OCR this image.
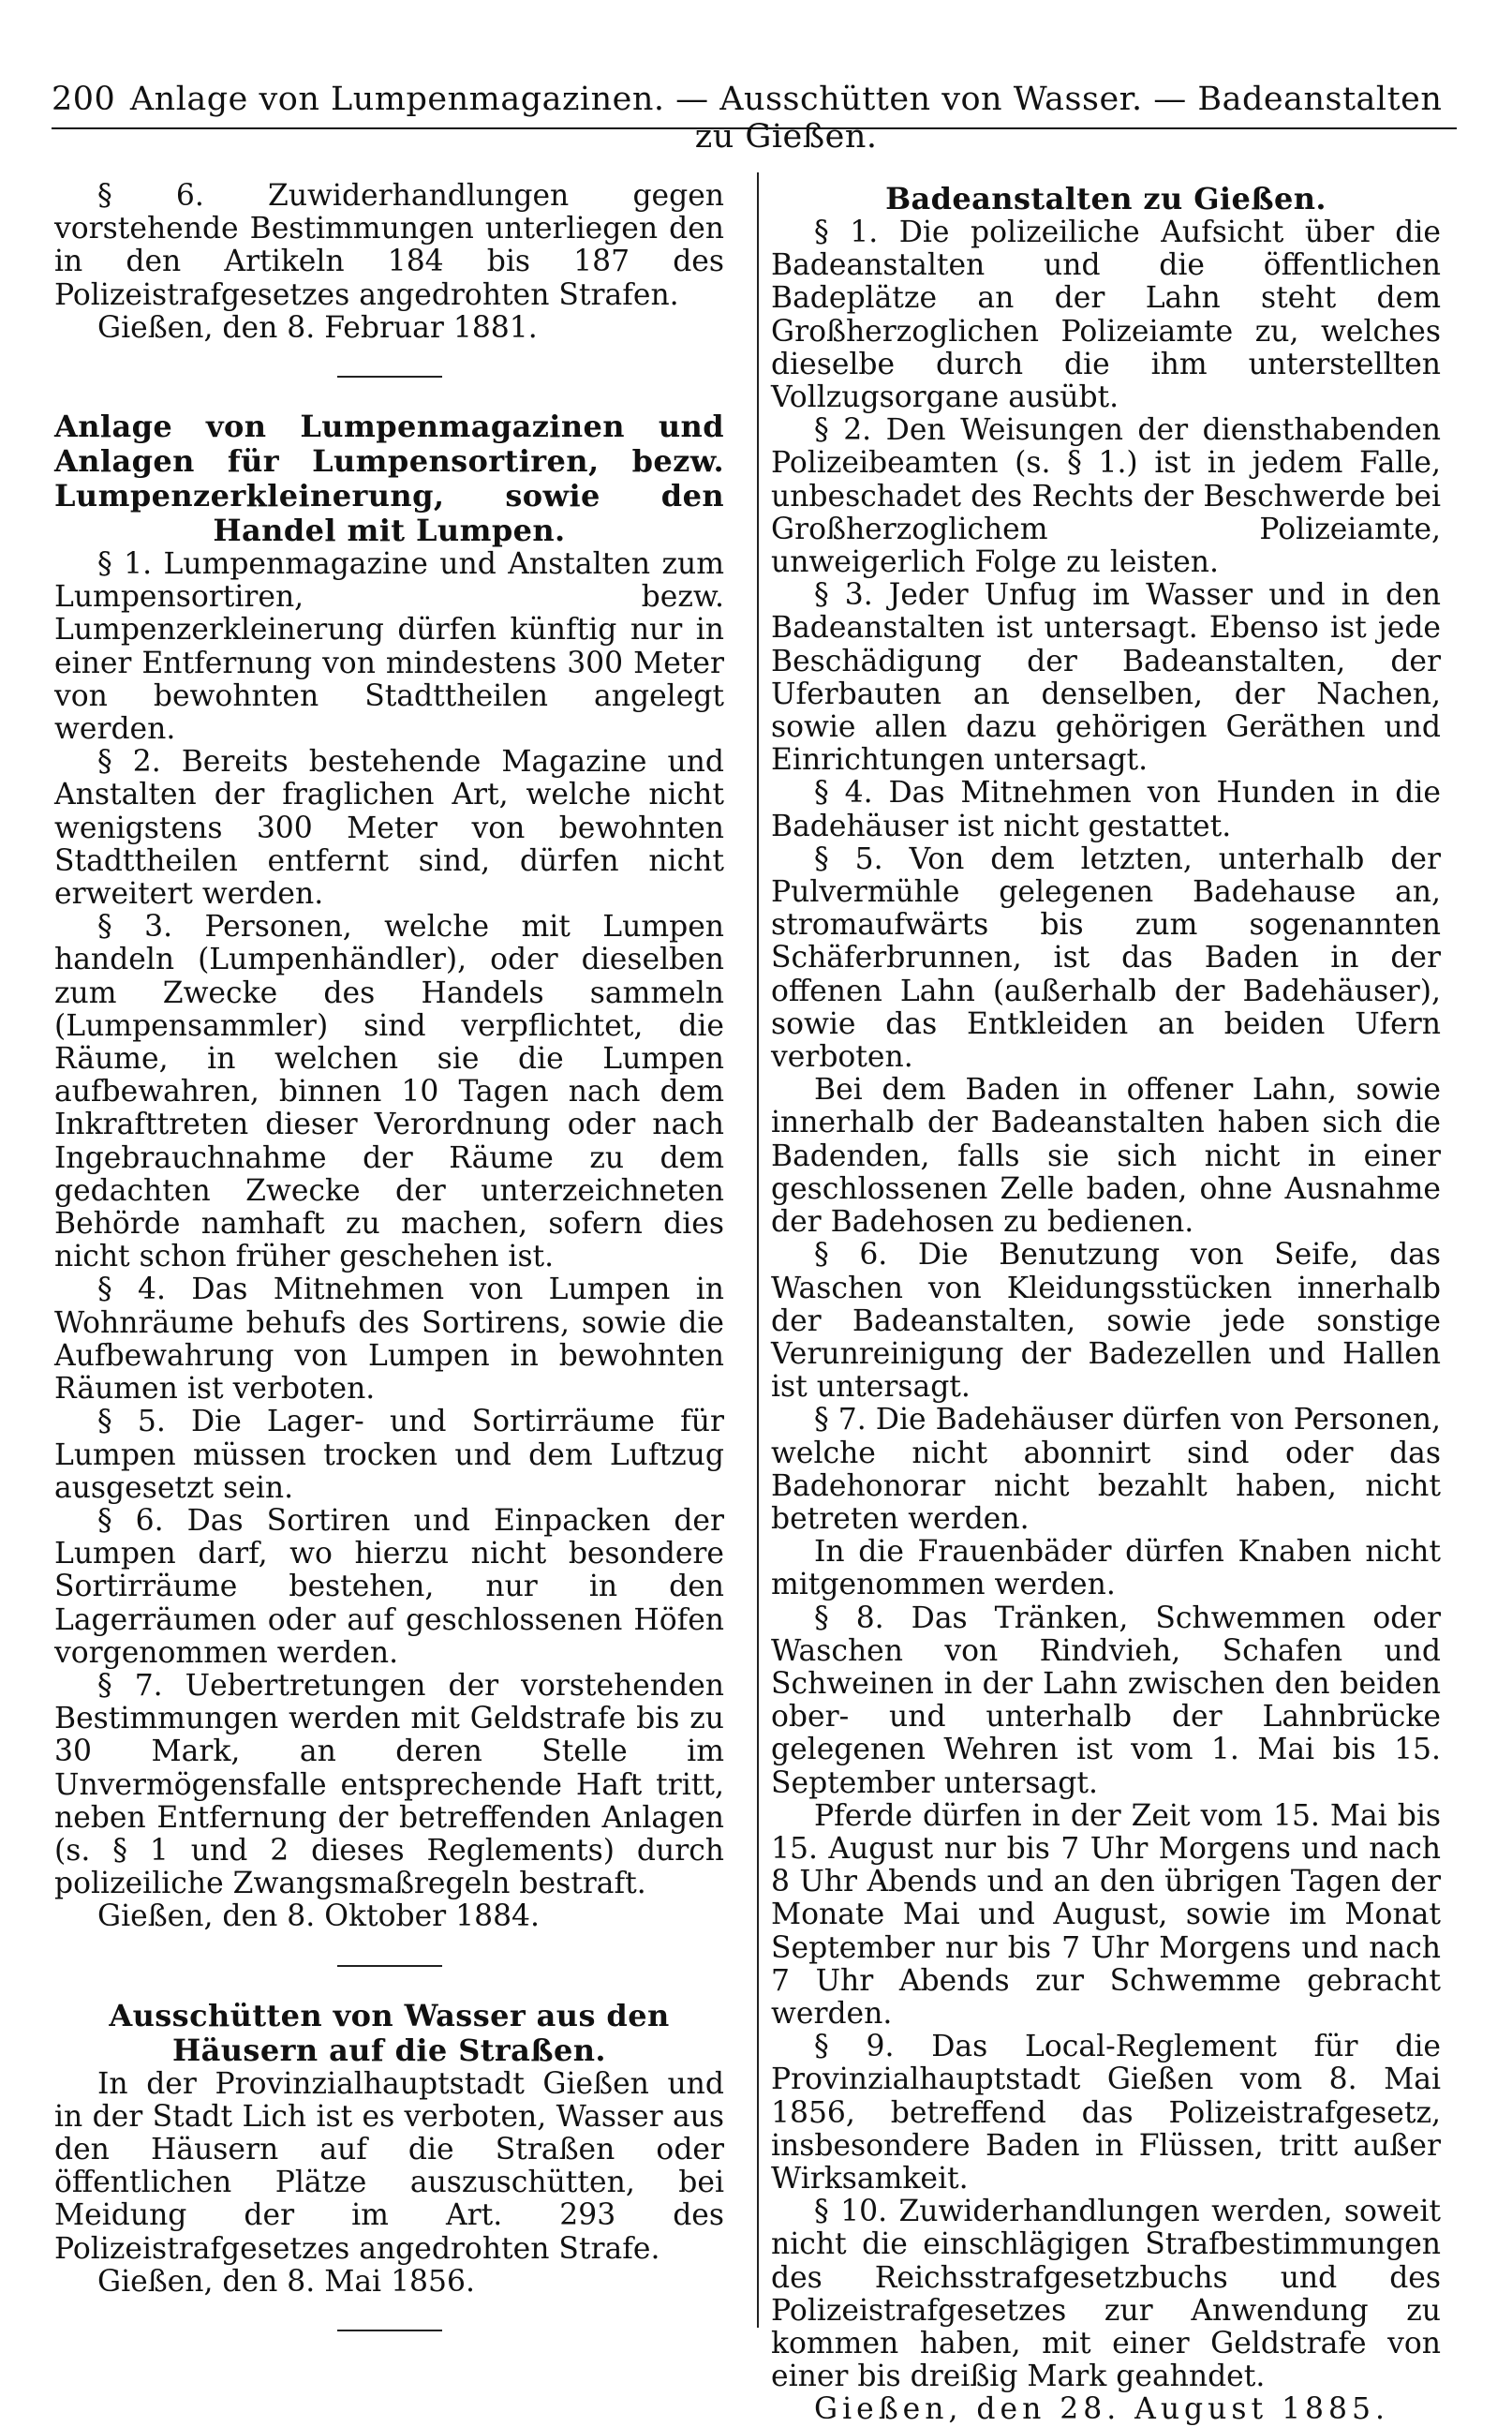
200 Anlage von Lumpenmagazinen. — Ausschütten von Wasser. — Badeanstalten zu Gießen.

§ 6. Zuwiderhandlungen gegen vorstehende Bestimmungen unterliegen den in den Artikeln 184 bis 187 des Polizeistrafgesetzes angedrohten Strafen.

Gießen, den 8. Februar 1881.

Anlage von Lumpenmagazinen und Anlagen für Lumpensortiren, bezw. Lumpenzerkleinerung, sowie den Handel mit Lumpen.

§ 1. Lumpenmagazine und Anstalten zum Lumpensortiren, bezw. Lumpenzerkleinerung dürfen künftig nur in einer Entfernung von mindestens 300 Meter von bewohnten Stadttheilen angelegt werden.

§ 2. Bereits bestehende Magazine und Anstalten der fraglichen Art, welche nicht wenigstens 300 Meter von bewohnten Stadttheilen entfernt sind, dürfen nicht erweitert werden.

§ 3. Personen, welche mit Lumpen handeln (Lumpenhändler), oder dieselben zum Zwecke des Handels sammeln (Lumpensammler) sind verpflichtet, die Räume, in welchen sie die Lumpen aufbewahren, binnen 10 Tagen nach dem Inkrafttreten dieser Verordnung oder nach Ingebrauchnahme der Räume zu dem gedachten Zwecke der unterzeichneten Behörde namhaft zu machen, sofern dies nicht schon früher geschehen ist.

§ 4. Das Mitnehmen von Lumpen in Wohnräume behufs des Sortirens, sowie die Aufbewahrung von Lumpen in bewohnten Räumen ist verboten.

§ 5. Die Lager- und Sortirräume für Lumpen müssen trocken und dem Luftzug ausgesetzt sein.

§ 6. Das Sortiren und Einpacken der Lumpen darf, wo hierzu nicht besondere Sortirräume bestehen, nur in den Lagerräumen oder auf geschlossenen Höfen vorgenommen werden.

§ 7. Uebertretungen der vorstehenden Bestimmungen werden mit Geldstrafe bis zu 30 Mark, an deren Stelle im Unvermögensfalle entsprechende Haft tritt, neben Entfernung der betreffenden Anlagen (s. § 1 und 2 dieses Reglements) durch polizeiliche Zwangsmaßregeln bestraft.

Gießen, den 8. Oktober 1884.

Ausschütten von Wasser aus den Häusern auf die Straßen.

In der Provinzialhauptstadt Gießen und in der Stadt Lich ist es verboten, Wasser aus den Häusern auf die Straßen oder öffentlichen Plätze auszuschütten, bei Meidung der im Art. 293 des Polizeistrafgesetzes angedrohten Strafe.

Gießen, den 8. Mai 1856.

Badeanstalten zu Gießen.

§ 1. Die polizeiliche Aufsicht über die Badeanstalten und die öffentlichen Badeplätze an der Lahn steht dem Großherzoglichen Polizeiamte zu, welches dieselbe durch die ihm unterstellten Vollzugsorgane ausübt.

§ 2. Den Weisungen der diensthabenden Polizeibeamten (s. § 1.) ist in jedem Falle, unbeschadet des Rechts der Beschwerde bei Großherzoglichem Polizeiamte, unweigerlich Folge zu leisten.

§ 3. Jeder Unfug im Wasser und in den Badeanstalten ist untersagt. Ebenso ist jede Beschädigung der Badeanstalten, der Uferbauten an denselben, der Nachen, sowie allen dazu gehörigen Geräthen und Einrichtungen untersagt.

§ 4. Das Mitnehmen von Hunden in die Badehäuser ist nicht gestattet.

§ 5. Von dem letzten, unterhalb der Pulvermühle gelegenen Badehause an, stromaufwärts bis zum sogenannten Schäferbrunnen, ist das Baden in der offenen Lahn (außerhalb der Badehäuser), sowie das Entkleiden an beiden Ufern verboten.

Bei dem Baden in offener Lahn, sowie innerhalb der Badeanstalten haben sich die Badenden, falls sie sich nicht in einer geschlossenen Zelle baden, ohne Ausnahme der Badehosen zu bedienen.

§ 6. Die Benutzung von Seife, das Waschen von Kleidungsstücken innerhalb der Badeanstalten, sowie jede sonstige Verunreinigung der Badezellen und Hallen ist untersagt.

§ 7. Die Badehäuser dürfen von Personen, welche nicht abonnirt sind oder das Badehonorar nicht bezahlt haben, nicht betreten werden.

In die Frauenbäder dürfen Knaben nicht mitgenommen werden.

§ 8. Das Tränken, Schwemmen oder Waschen von Rindvieh, Schafen und Schweinen in der Lahn zwischen den beiden ober- und unterhalb der Lahnbrücke gelegenen Wehren ist vom 1. Mai bis 15. September untersagt.

Pferde dürfen in der Zeit vom 15. Mai bis 15. August nur bis 7 Uhr Morgens und nach 8 Uhr Abends und an den übrigen Tagen der Monate Mai und August, sowie im Monat September nur bis 7 Uhr Morgens und nach 7 Uhr Abends zur Schwemme gebracht werden.

§ 9. Das Local-Reglement für die Provinzialhauptstadt Gießen vom 8. Mai 1856, betreffend das Polizeistrafgesetz, insbesondere Baden in Flüssen, tritt außer Wirksamkeit.

§ 10. Zuwiderhandlungen werden, soweit nicht die einschlägigen Strafbestimmungen des Reichsstrafgesetzbuchs und des Polizeistrafgesetzes zur Anwendung zu kommen haben, mit einer Geldstrafe von einer bis dreißig Mark geahndet.

Gießen, den 28. August 1885.
